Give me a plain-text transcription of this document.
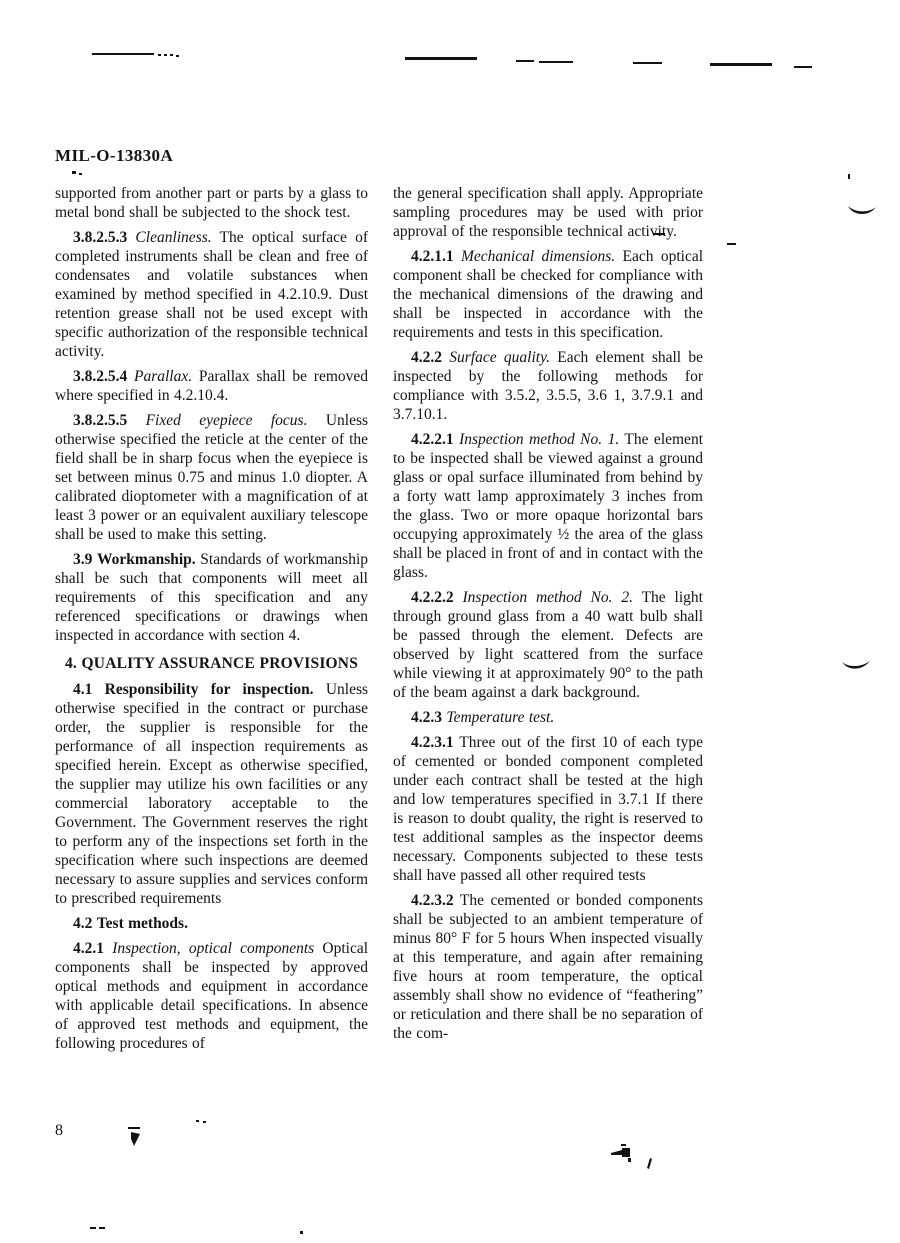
MIL-O-13830A

supported from another part or parts by a glass to metal bond shall be subjected to the shock test.

3.8.2.5.3 Cleanliness. The optical surface of completed instruments shall be clean and free of condensates and volatile substances when examined by method specified in 4.2.10.9. Dust retention grease shall not be used except with specific authorization of the responsible technical activity.

3.8.2.5.4 Parallax. Parallax shall be removed where specified in 4.2.10.4.

3.8.2.5.5 Fixed eyepiece focus. Unless otherwise specified the reticle at the center of the field shall be in sharp focus when the eyepiece is set between minus 0.75 and minus 1.0 diopter. A calibrated dioptometer with a magnification of at least 3 power or an equivalent auxiliary telescope shall be used to make this setting.

3.9 Workmanship. Standards of workmanship shall be such that components will meet all requirements of this specification and any referenced specifications or drawings when inspected in accordance with section 4.

4. QUALITY ASSURANCE PROVISIONS

4.1 Responsibility for inspection. Unless otherwise specified in the contract or purchase order, the supplier is responsible for the performance of all inspection requirements as specified herein. Except as otherwise specified, the supplier may utilize his own facilities or any commercial laboratory acceptable to the Government. The Government reserves the right to perform any of the inspections set forth in the specification where such inspections are deemed necessary to assure supplies and services conform to prescribed requirements

4.2 Test methods.

4.2.1 Inspection, optical components Optical components shall be inspected by approved optical methods and equipment in accordance with applicable detail specifications. In absence of approved test methods and equipment, the following procedures of

the general specification shall apply. Appropriate sampling procedures may be used with prior approval of the responsible technical activity.

4.2.1.1 Mechanical dimensions. Each optical component shall be checked for compliance with the mechanical dimensions of the drawing and shall be inspected in accordance with the requirements and tests in this specification.

4.2.2 Surface quality. Each element shall be inspected by the following methods for compliance with 3.5.2, 3.5.5, 3.6 1, 3.7.9.1 and 3.7.10.1.

4.2.2.1 Inspection method No. 1. The element to be inspected shall be viewed against a ground glass or opal surface illuminated from behind by a forty watt lamp approximately 3 inches from the glass. Two or more opaque horizontal bars occupying approximately ½ the area of the glass shall be placed in front of and in contact with the glass.

4.2.2.2 Inspection method No. 2. The light through ground glass from a 40 watt bulb shall be passed through the element. Defects are observed by light scattered from the surface while viewing it at approximately 90° to the path of the beam against a dark background.

4.2.3 Temperature test.

4.2.3.1 Three out of the first 10 of each type of cemented or bonded component completed under each contract shall be tested at the high and low temperatures specified in 3.7.1 If there is reason to doubt quality, the right is reserved to test additional samples as the inspector deems necessary. Components subjected to these tests shall have passed all other required tests

4.2.3.2 The cemented or bonded components shall be subjected to an ambient temperature of minus 80° F for 5 hours When inspected visually at this temperature, and again after remaining five hours at room temperature, the optical assembly shall show no evidence of “feathering” or reticulation and there shall be no separation of the com-

8
